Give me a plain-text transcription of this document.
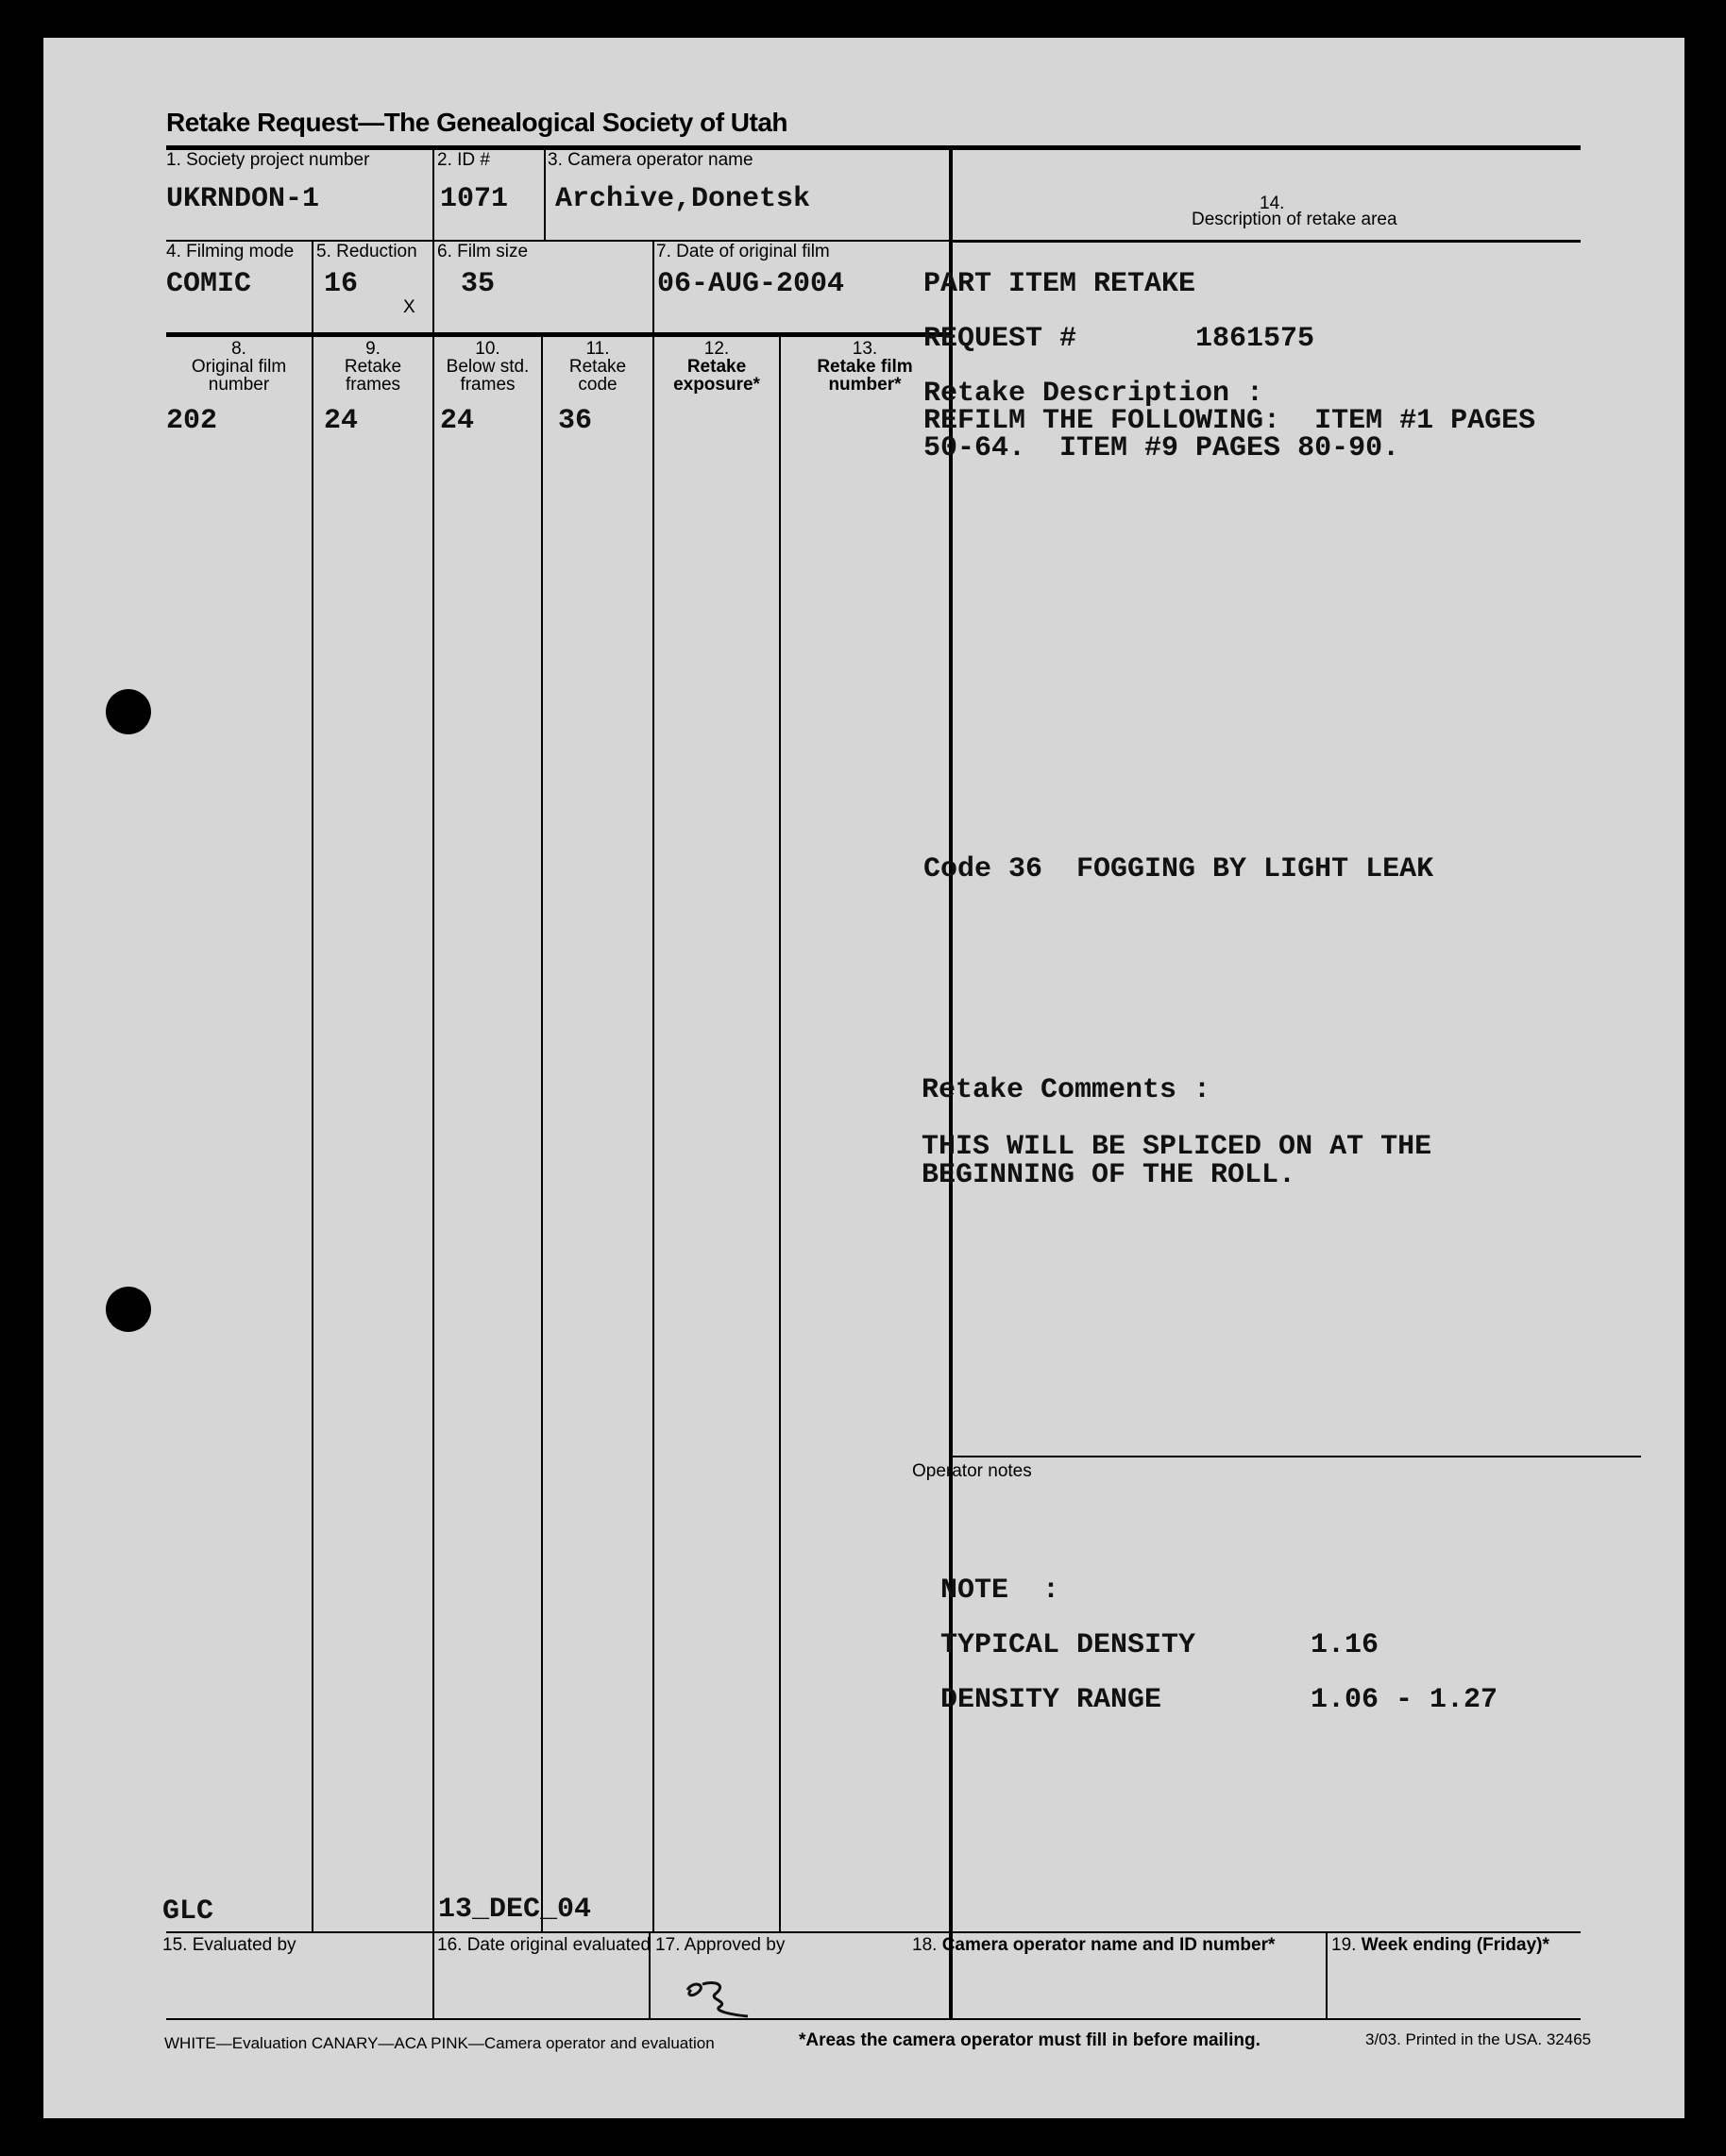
Retake Request—The Genealogical Society of Utah
1. Society project number
UKRNDON-1
2. ID #
1071
3. Camera operator name
Archive,Donetsk	14.
Description of retake area
4. Filming mode
COMIC
5. Reduction
16
X
6. Film size
35
7. Date of original film
06-AUG-2004
8.
Original film
number
9.
Retake
frames
10.
Below std.
frames
11.
Retake
code
12.
Retake
exposure*
13.
Retake film
number*
202	24	24	36
PART ITEM RETAKE
REQUEST #	1861575
Retake Description :
REFILM THE FOLLOWING:  ITEM #1 PAGES
50-64.  ITEM #9 PAGES 80-90.
Code 36  FOGGING BY LIGHT LEAK
Retake Comments :
THIS WILL BE SPLICED ON AT THE
BEGINNING OF THE ROLL.
Operator notes
NOTE  :
TYPICAL DENSITY	1.16
DENSITY RANGE	1.06 - 1.27
GLC	13_DEC_04
15. Evaluated by	16. Date original evaluated 17. Approved by	18. Camera operator name and ID number*	19. Week ending (Friday)*
WHITE—Evaluation CANARY—ACA PINK—Camera operator and evaluation	*Areas the camera operator must fill in before mailing.	3/03. Printed in the USA. 32465
